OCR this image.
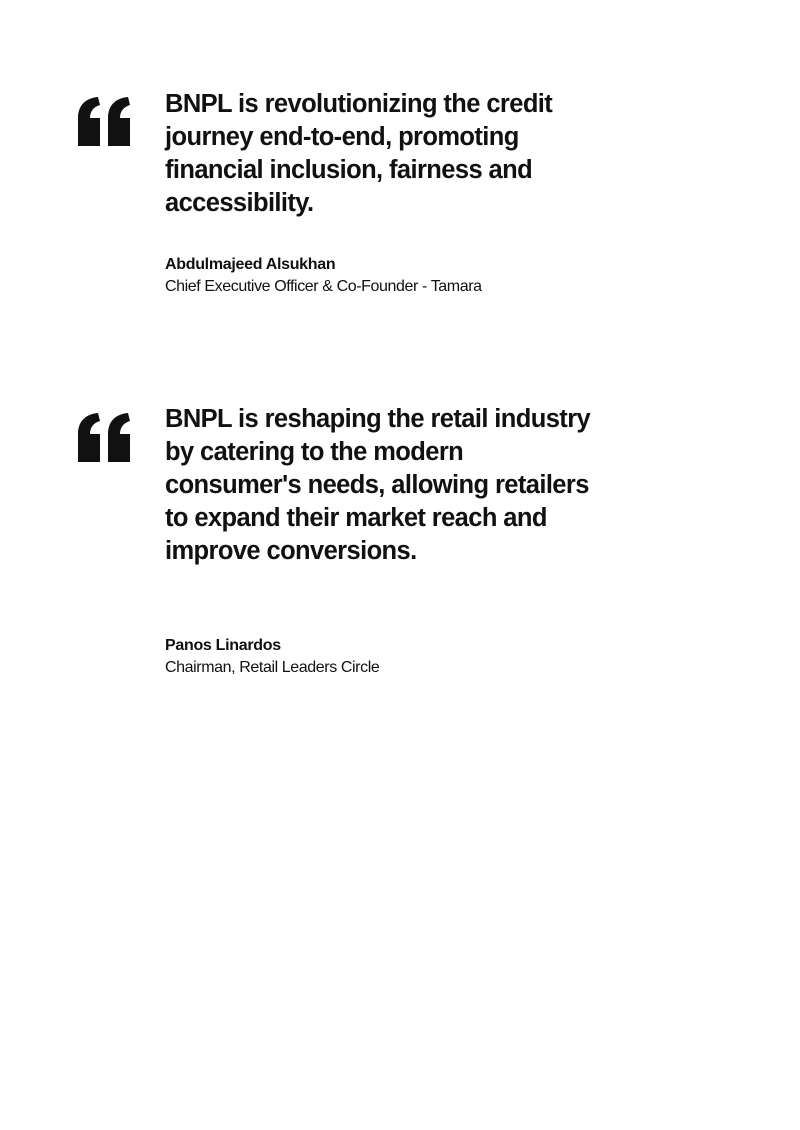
BNPL is revolutionizing the credit journey end-to-end, promoting financial inclusion, fairness and accessibility.

Abdulmajeed Alsukhan

Chief Executive Officer & Co-Founder - Tamara

BNPL is reshaping the retail industry by catering to the modern consumer's needs, allowing retailers to expand their market reach and improve conversions.

Panos Linardos

Chairman, Retail Leaders Circle
